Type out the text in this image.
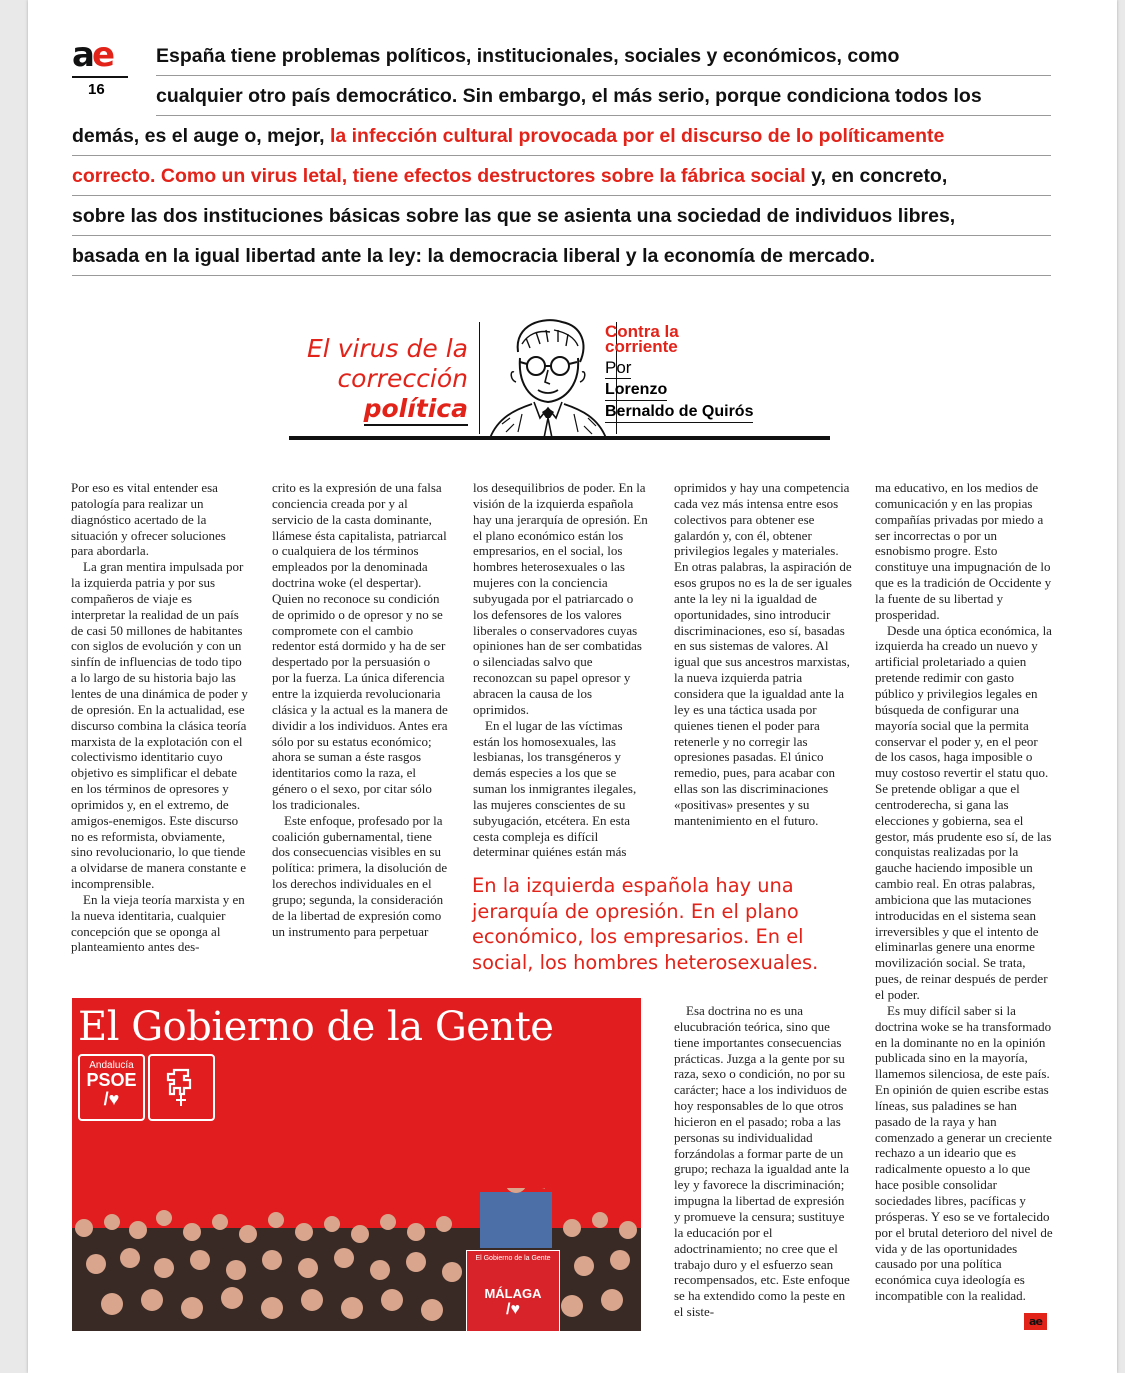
ae
16
España tiene problemas políticos, institucionales, sociales y económicos, como
cualquier otro país democrático. Sin embargo, el más serio, porque condiciona todos los
demás, es el auge o, mejor, la infección cultural provocada por el discurso de lo políticamente
correcto. Como un virus letal, tiene efectos destructores sobre la fábrica social y, en concreto,
sobre las dos instituciones básicas sobre las que se asienta una sociedad de individuos libres,
basada en la igual libertad ante la ley: la democracia liberal y la economía de mercado.
El virus de la
corrección
política
Contra la
corriente
Por
Lorenzo
Bernaldo de Quirós

Por eso es vital entender esa patología para realizar un diagnóstico acertado de la situación y ofrecer soluciones para abordarla.

La gran mentira impulsada por la izquierda patria y por sus compañeros de viaje es interpretar la realidad de un país de casi 50 millones de habitantes con siglos de evolución y con un sinfín de influencias de todo tipo a lo largo de su historia bajo las lentes de una dinámica de poder y de opresión. En la actualidad, ese discurso combina la clásica teoría marxista de la explotación con el colectivismo identitario cuyo objetivo es simplificar el debate en los términos de opresores y oprimidos y, en el extremo, de amigos-enemigos. Este discurso no es reformista, obviamente, sino revolucionario, lo que tiende a olvidarse de manera constante e incomprensible.

En la vieja teoría marxista y en la nueva identitaria, cualquier concepción que se oponga al planteamiento antes des-

crito es la expresión de una falsa conciencia creada por y al servicio de la casta dominante, llámese ésta capitalista, patriarcal o cualquiera de los términos empleados por la denominada doctrina woke (el despertar). Quien no reconoce su condición de oprimido o de opresor y no se compromete con el cambio redentor está dormido y ha de ser despertado por la persuasión o por la fuerza. La única diferencia entre la izquierda revolucionaria clásica y la actual es la manera de dividir a los individuos. Antes era sólo por su estatus económico; ahora se suman a éste rasgos identitarios como la raza, el género o el sexo, por citar sólo los tradicionales.

Este enfoque, profesado por la coalición gubernamental, tiene dos consecuencias visibles en su política: primera, la disolución de los derechos individuales en el grupo; segunda, la consideración de la libertad de expresión como un instrumento para perpetuar

los desequilibrios de poder. En la visión de la izquierda española hay una jerarquía de opresión. En el plano económico están los empresarios, en el social, los hombres heterosexuales o las mujeres con la conciencia subyugada por el patriarcado o los defensores de los valores liberales o conservadores cuyas opiniones han de ser combatidas o silenciadas salvo que reconozcan su papel opresor y abracen la causa de los oprimidos.

En el lugar de las víctimas están los homosexuales, las lesbianas, los transgéneros y demás especies a los que se suman los inmigrantes ilegales, las mujeres conscientes de su subyugación, etcétera. En esta cesta compleja es difícil determinar quiénes están más

oprimidos y hay una competencia cada vez más intensa entre esos colectivos para obtener ese galardón y, con él, obtener privilegios legales y materiales. En otras palabras, la aspiración de esos grupos no es la de ser iguales ante la ley ni la igualdad de oportunidades, sino introducir discriminaciones, eso sí, basadas en sus sistemas de valores. Al igual que sus ancestros marxistas, la nueva izquierda patria considera que la igualdad ante la ley es una táctica usada por quienes tienen el poder para retenerle y no corregir las opresiones pasadas. El único remedio, pues, para acabar con ellas son las discriminaciones «positivas» presentes y su mantenimiento en el futuro.

Esa doctrina no es una elucubración teórica, sino que tiene importantes consecuencias prácticas. Juzga a la gente por su raza, sexo o condición, no por su carácter; hace a los individuos de hoy responsables de lo que otros hicieron en el pasado; roba a las personas su individualidad forzándolas a formar parte de un grupo; rechaza la igualdad ante la ley y favorece la discriminación; impugna la libertad de expresión y promueve la censura; sustituye la educación por el adoctrinamiento; no cree que el trabajo duro y el esfuerzo sean recompensados, etc. Este enfoque se ha extendido como la peste en el siste-

ma educativo, en los medios de comunicación y en las propias compañías privadas por miedo a ser incorrectas o por un esnobismo progre. Esto constituye una impugnación de lo que es la tradición de Occidente y la fuente de su libertad y prosperidad.

Desde una óptica económica, la izquierda ha creado un nuevo y artificial proletariado a quien pretende redimir con gasto público y privilegios legales en búsqueda de configurar una mayoría social que la permita conservar el poder y, en el peor de los casos, haga imposible o muy costoso revertir el statu quo. Se pretende obligar a que el centroderecha, si gana las elecciones y gobierna, sea el gestor, más prudente eso sí, de las conquistas realizadas por la gauche haciendo imposible un cambio real. En otras palabras, ambiciona que las mutaciones introducidas en el sistema sean irreversibles y que el intento de eliminarlas genere una enorme movilización social. Se trata, pues, de reinar después de perder el poder.

Es muy difícil saber si la doctrina woke se ha transformado en la dominante no en la opinión publicada sino en la mayoría, llamemos silenciosa, de este país. En opinión de quien escribe estas líneas, sus paladines se han pasado de la raya y han comenzado a generar un creciente rechazo a un ideario que es radicalmente opuesto a lo que hace posible consolidar sociedades libres, pacíficas y prósperas. Y eso se ve fortalecido por el brutal deterioro del nivel de vida y de las oportunidades causado por una política económica cuya ideología es incompatible con la realidad.

En la izquierda española hay una jerarquía de opresión. En el plano económico, los empresarios. En el social, los hombres heterosexuales.
El Gobierno de la Gente
Andalucía
PSOE
/♥
El Gobierno de la Gente
MÁLAGA
/♥
ae
